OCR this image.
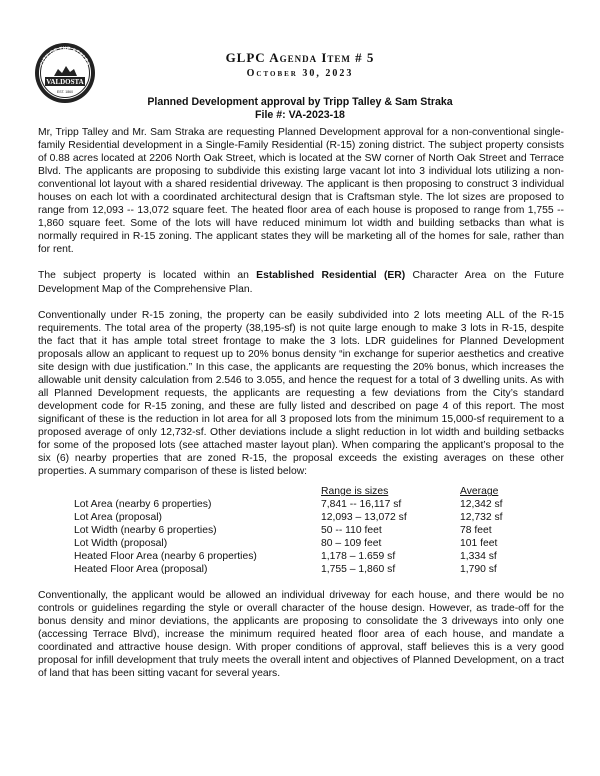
CITY OF THE AZALEA
VALDOSTA
EST. 1860
GLPC Agenda Item # 5
October 30, 2023
Planned Development approval by Tripp Talley & Sam Straka
File #: VA-2023-18

Mr, Tripp Talley and Mr. Sam Straka are requesting Planned Development approval for a non-conventional single-family Residential development in a Single-Family Residential (R-15) zoning district. The subject property consists of 0.88 acres located at 2206 North Oak Street, which is located at the SW corner of North Oak Street and Terrace Blvd. The applicants are proposing to subdivide this existing large vacant lot into 3 individual lots utilizing a non-conventional lot layout with a shared residential driveway. The applicant is then proposing to construct 3 individual houses on each lot with a coordinated architectural design that is Craftsman style. The lot sizes are proposed to range from 12,093 -- 13,072 square feet. The heated floor area of each house is proposed to range from 1,755 -- 1,860 square feet. Some of the lots will have reduced minimum lot width and building setbacks than what is normally required in R-15 zoning. The applicant states they will be marketing all of the homes for sale, rather than for rent.

The subject property is located within an Established Residential (ER) Character Area on the Future Development Map of the Comprehensive Plan.

Conventionally under R-15 zoning, the property can be easily subdivided into 2 lots meeting ALL of the R-15 requirements. The total area of the property (38,195-sf) is not quite large enough to make 3 lots in R-15, despite the fact that it has ample total street frontage to make the 3 lots. LDR guidelines for Planned Development proposals allow an applicant to request up to 20% bonus density “in exchange for superior aesthetics and creative site design with due justification.” In this case, the applicants are requesting the 20% bonus, which increases the allowable unit density calculation from 2.546 to 3.055, and hence the request for a total of 3 dwelling units. As with all Planned Development requests, the applicants are requesting a few deviations from the City’s standard development code for R-15 zoning, and these are fully listed and described on page 4 of this report. The most significant of these is the reduction in lot area for all 3 proposed lots from the minimum 15,000-sf requirement to a proposed average of only 12,732-sf. Other deviations include a slight reduction in lot width and building setbacks for some of the proposed lots (see attached master layout plan). When comparing the applicant’s proposal to the six (6) nearby properties that are zoned R-15, the proposal exceeds the existing averages on these other properties. A summary comparison of these is listed below:

	Range is sizes	Average
Lot Area (nearby 6 properties)	7,841 -- 16,117 sf	12,342 sf
Lot Area (proposal)	12,093 – 13,072 sf	12,732 sf
Lot Width (nearby 6 properties)	50 -- 110 feet	78 feet
Lot Width (proposal)	80 – 109 feet	101 feet
Heated Floor Area (nearby 6 properties)	1,178 – 1.659 sf	1,334 sf
Heated Floor Area (proposal)	1,755 – 1,860 sf	1,790 sf

Conventionally, the applicant would be allowed an individual driveway for each house, and there would be no controls or guidelines regarding the style or overall character of the house design. However, as trade-off for the bonus density and minor deviations, the applicants are proposing to consolidate the 3 driveways into only one (accessing Terrace Blvd), increase the minimum required heated floor area of each house, and mandate a coordinated and attractive house design. With proper conditions of approval, staff believes this is a very good proposal for infill development that truly meets the overall intent and objectives of Planned Development, on a tract of land that has been sitting vacant for several years.
